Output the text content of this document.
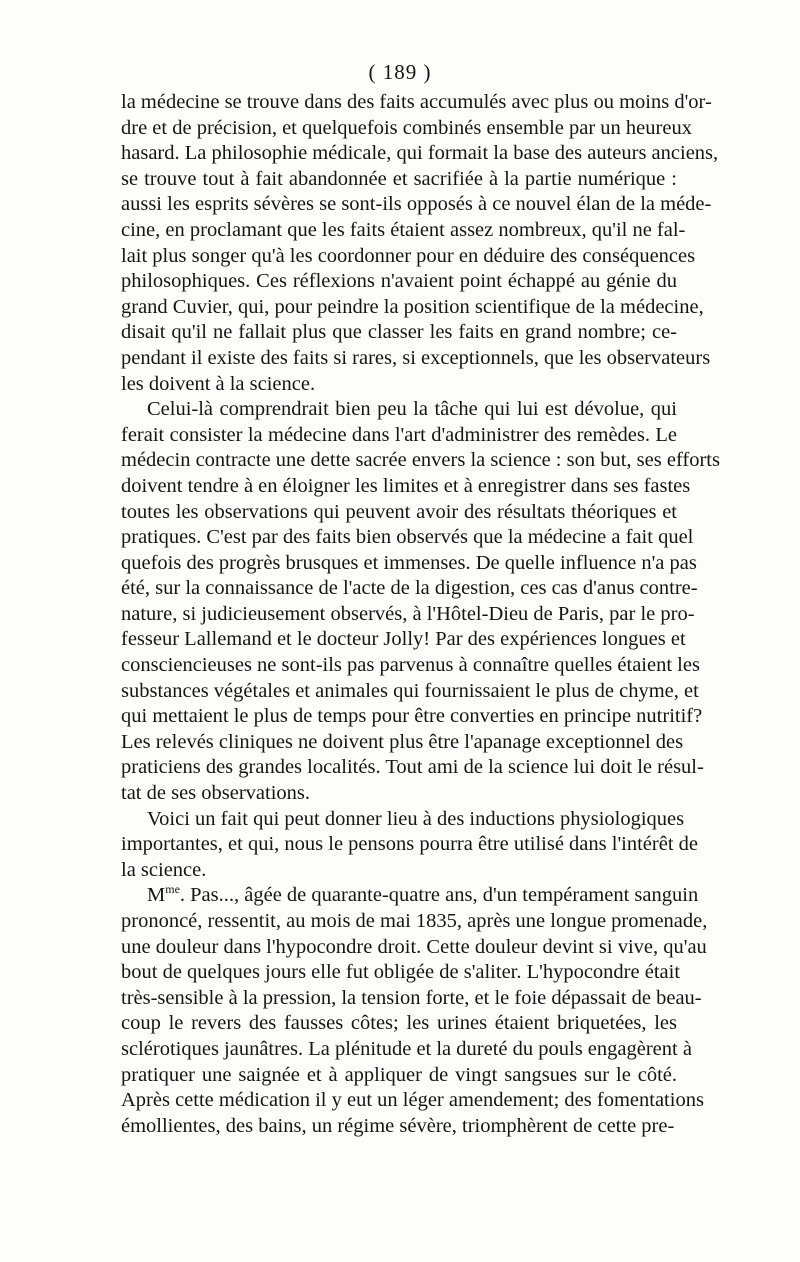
( 189 )
la médecine se trouve dans des faits accumulés avec plus ou moins d'or-
dre et de précision, et quelquefois combinés ensemble par un heureux
hasard. La philosophie médicale, qui formait la base des auteurs anciens,
se trouve tout à fait abandonnée et sacrifiée à la partie numérique :
aussi les esprits sévères se sont-ils opposés à ce nouvel élan de la méde-
cine, en proclamant que les faits étaient assez nombreux, qu'il ne fal-
lait plus songer qu'à les coordonner pour en déduire des conséquences
philosophiques. Ces réflexions n'avaient point échappé au génie du
grand Cuvier, qui, pour peindre la position scientifique de la médecine,
disait qu'il ne fallait plus que classer les faits en grand nombre; ce-
pendant il existe des faits si rares, si exceptionnels, que les observateurs
les doivent à la science.
Celui-là comprendrait bien peu la tâche qui lui est dévolue, qui
ferait consister la médecine dans l'art d'administrer des remèdes. Le
médecin contracte une dette sacrée envers la science : son but, ses efforts
doivent tendre à en éloigner les limites et à enregistrer dans ses fastes
toutes les observations qui peuvent avoir des résultats théoriques et
pratiques. C'est par des faits bien observés que la médecine a fait quel
quefois des progrès brusques et immenses. De quelle influence n'a pas
été, sur la connaissance de l'acte de la digestion, ces cas d'anus contre-
nature, si judicieusement observés, à l'Hôtel-Dieu de Paris, par le pro-
fesseur Lallemand et le docteur Jolly! Par des expériences longues et
consciencieuses ne sont-ils pas parvenus à connaître quelles étaient les
substances végétales et animales qui fournissaient le plus de chyme, et
qui mettaient le plus de temps pour être converties en principe nutritif?
Les relevés cliniques ne doivent plus être l'apanage exceptionnel des
praticiens des grandes localités. Tout ami de la science lui doit le résul-
tat de ses observations.
Voici un fait qui peut donner lieu à des inductions physiologiques
importantes, et qui, nous le pensons pourra être utilisé dans l'intérêt de
la science.
$M^{me}$. Pas..., âgée de quarante-quatre ans, d'un tempérament sanguin
prononcé, ressentit, au mois de mai 1835, après une longue promenade,
une douleur dans l'hypocondre droit. Cette douleur devint si vive, qu'au
bout de quelques jours elle fut obligée de s'aliter. L'hypocondre était
très-sensible à la pression, la tension forte, et le foie dépassait de beau-
coup le revers des fausses côtes; les urines étaient briquetées, les
sclérotiques jaunâtres. La plénitude et la dureté du pouls engagèrent à
pratiquer une saignée et à appliquer de vingt sangsues sur le côté.
Après cette médication il y eut un léger amendement; des fomentations
émollientes, des bains, un régime sévère, triomphèrent de cette pre-
